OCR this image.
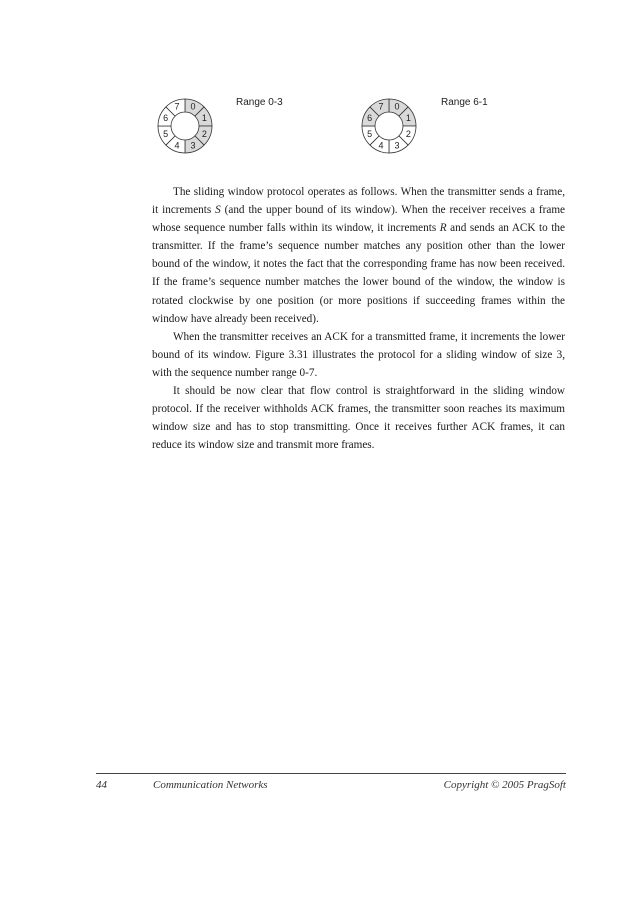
0
1
2
3
4
5
6
7	0
1
2
3
4
5
6
7
Range 0-3	Range 6-1

The sliding window protocol operates as follows. When the transmitter sends a frame, it increments S (and the upper bound of its window). When the receiver receives a frame whose sequence number falls within its window, it increments R and sends an ACK to the transmitter. If the frame’s sequence number matches any position other than the lower bound of the window, it notes the fact that the corresponding frame has now been received. If the frame’s sequence number matches the lower bound of the window, the window is rotated clockwise by one position (or more positions if succeeding frames within the window have already been received).

When the transmitter receives an ACK for a transmitted frame, it increments the lower bound of its window. Figure 3.31 illustrates the protocol for a sliding window of size 3, with the sequence number range 0-7.

It should be now clear that flow control is straightforward in the sliding window protocol. If the receiver withholds ACK frames, the transmitter soon reaches its maximum window size and has to stop transmitting. Once it receives further ACK frames, it can reduce its window size and transmit more frames.

44	Communication Networks	Copyright © 2005 PragSoft
